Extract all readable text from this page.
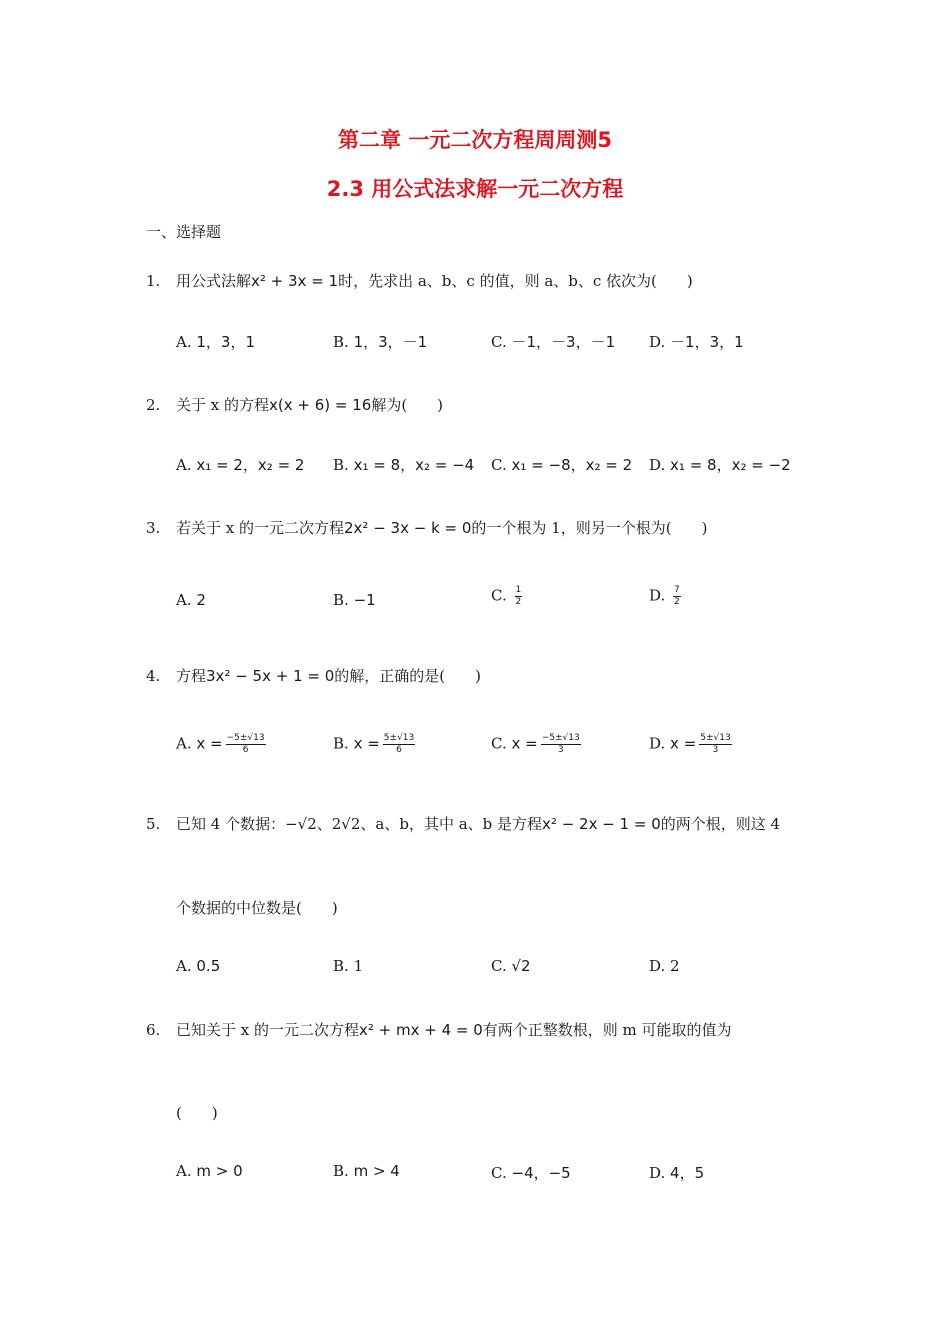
第二章 一元二次方程周周测5
2.3 用公式法求解一元二次方程
一、选择题
1. 用公式法解x² + 3x = 1时，先求出 a、b、c 的值，则 a、b、c 依次为(　　)
A. 1，3，1	B. 1，3，－1	C. －1，－3，－1 D. －1，3，1
2. 关于 x 的方程x(x + 6) = 16解为(　　)
A. x₁ = 2，x₂ = 2 B. x₁ = 8，x₂ = −4 C. x₁ = −8，x₂ = 2 D. x₁ = 8，x₂ = −2
3. 若关于 x 的一元二次方程2x² − 3x − k = 0的一个根为 1，则另一个根为(　　)
A. 2	B. −1	C. $\frac{1}{2}$	D. $\frac{7}{2}$
4. 方程3x² − 5x + 1 = 0的解，正确的是(　　)
A. $x = \frac{-5\pm√13}{6}$	B. $x = \frac{5\pm√13}{6}$	C. $x = \frac{-5\pm√13}{3}$	D. $x = \frac{5\pm√13}{3}$
5. 已知 4 个数据：−√2、2√2、a、b，其中 a、b 是方程x² − 2x − 1 = 0的两个根，则这 4
个数据的中位数是(　　)
A. 0.5	B. 1	C. √2	D. 2
6. 已知关于 x 的一元二次方程x² + mx + 4 = 0有两个正整数根，则 m 可能取的值为
(　　)
A. m > 0	B. m > 4	C. −4，−5	D. 4，5
